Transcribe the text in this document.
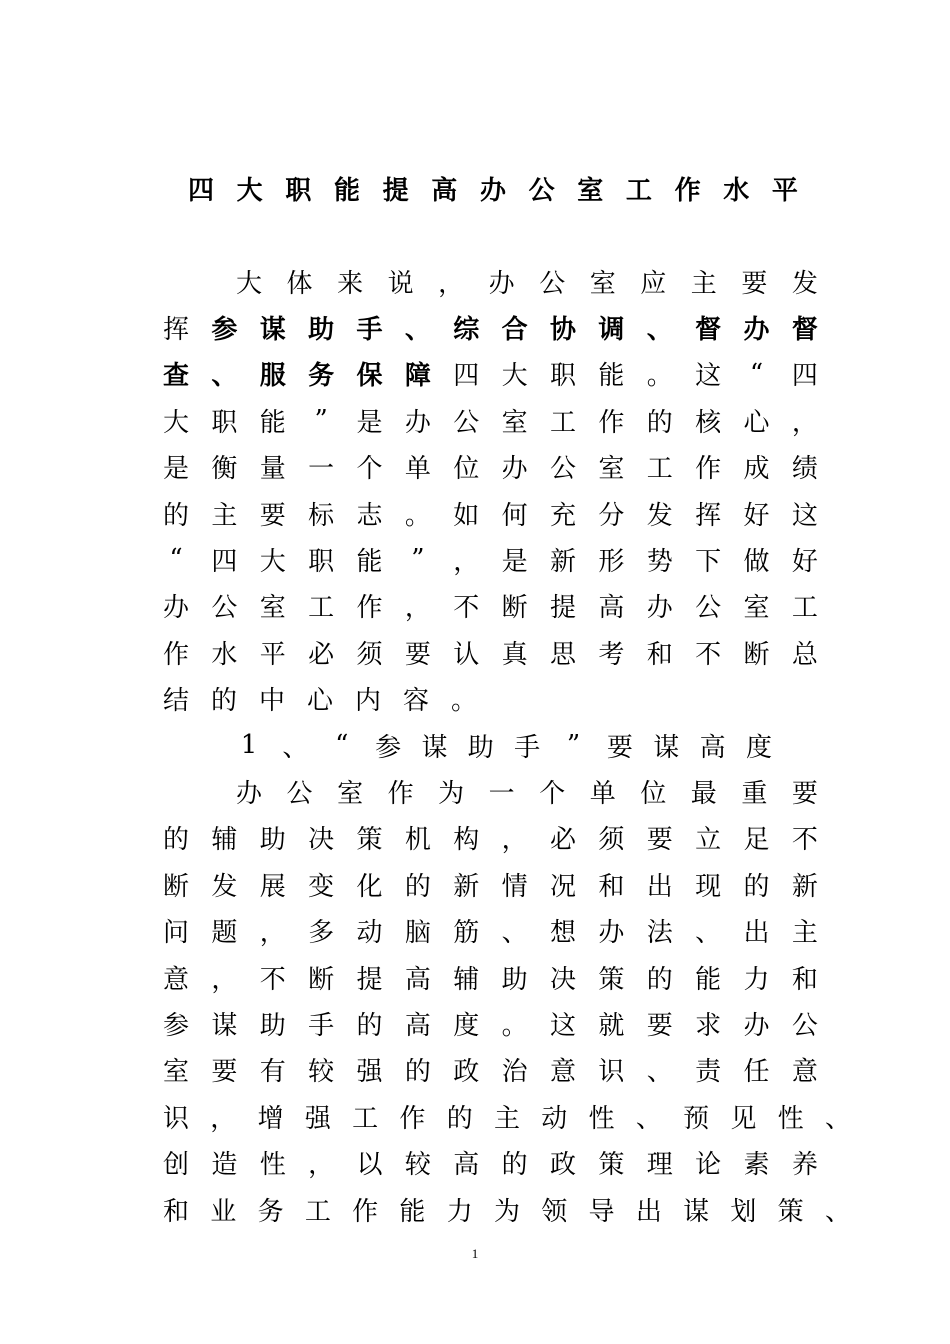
四 大 职 能 提 高 办 公 室 工 作 水 平
大 体 来 说 ， 办 公 室 应 主 要 发
挥 参 谋 助 手 、 综 合 协 调 、 督 办 督
查 、 服 务 保 障 四 大 职 能 。 这 “ 四
大 职 能 ” 是 办 公 室 工 作 的 核 心 ，
是 衡 量 一 个 单 位 办 公 室 工 作 成 绩
的 主 要 标 志 。 如 何 充 分 发 挥 好 这
“ 四 大 职 能 ” ， 是 新 形 势 下 做 好
办 公 室 工 作 ， 不 断 提 高 办 公 室 工
作 水 平 必 须 要 认 真 思 考 和 不 断 总
结 的 中 心 内 容 。
1 、 “ 参 谋 助 手 ” 要 谋 高 度
办 公 室 作 为 一 个 单 位 最 重 要
的 辅 助 决 策 机 构 ， 必 须 要 立 足 不
断 发 展 变 化 的 新 情 况 和 出 现 的 新
问 题 ， 多 动 脑 筋 、 想 办 法 、 出 主
意 ， 不 断 提 高 辅 助 决 策 的 能 力 和
参 谋 助 手 的 高 度 。 这 就 要 求 办 公
室 要 有 较 强 的 政 治 意 识 、 责 任 意
识 ， 增 强 工 作 的 主 动 性 、 预 见 性 、
创 造 性 ， 以 较 高 的 政 策 理 论 素 养
和 业 务 工 作 能 力 为 领 导 出 谋 划 策 、
1
